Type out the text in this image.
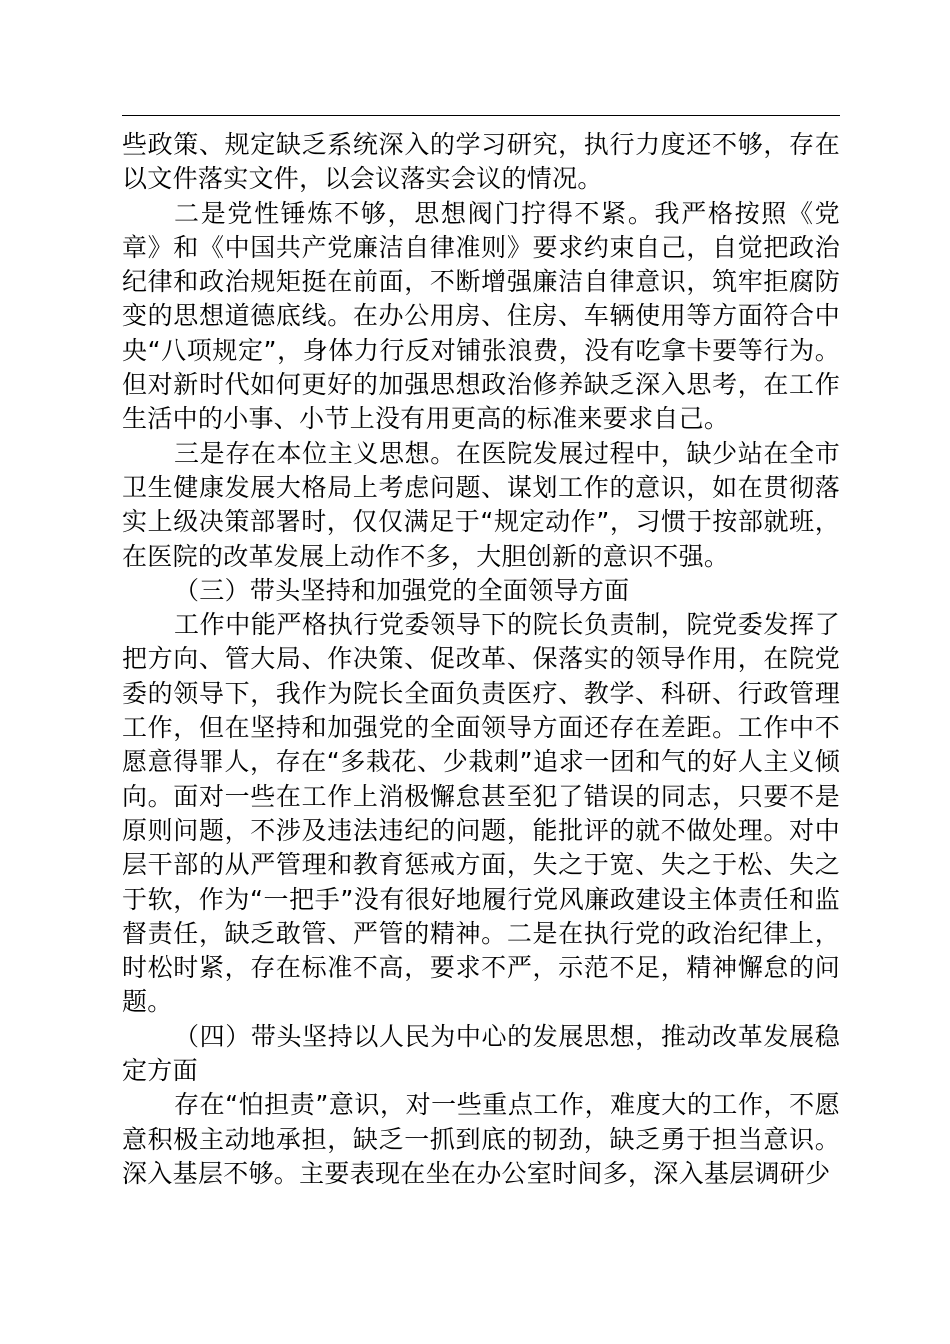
些政策、规定缺乏系统深入的学习研究，执行力度还不够，存在以文件落实文件，以会议落实会议的情况。

二是党性锤炼不够，思想阀门拧得不紧。我严格按照《党章》和《中国共产党廉洁自律准则》要求约束自己，自觉把政治纪律和政治规矩挺在前面，不断增强廉洁自律意识，筑牢拒腐防变的思想道德底线。在办公用房、住房、车辆使用等方面符合中央“八项规定”，身体力行反对铺张浪费，没有吃拿卡要等行为。但对新时代如何更好的加强思想政治修养缺乏深入思考，在工作生活中的小事、小节上没有用更高的标准来要求自己。

三是存在本位主义思想。在医院发展过程中，缺少站在全市卫生健康发展大格局上考虑问题、谋划工作的意识，如在贯彻落实上级决策部署时，仅仅满足于“规定动作”，习惯于按部就班，在医院的改革发展上动作不多，大胆创新的意识不强。

（三）带头坚持和加强党的全面领导方面

工作中能严格执行党委领导下的院长负责制，院党委发挥了把方向、管大局、作决策、促改革、保落实的领导作用，在院党委的领导下，我作为院长全面负责医疗、教学、科研、行政管理工作，但在坚持和加强党的全面领导方面还存在差距。工作中不愿意得罪人，存在“多栽花、少栽刺”追求一团和气的好人主义倾向。面对一些在工作上消极懈怠甚至犯了错误的同志，只要不是原则问题，不涉及违法违纪的问题，能批评的就不做处理。对中层干部的从严管理和教育惩戒方面，失之于宽、失之于松、失之于软，作为“一把手”没有很好地履行党风廉政建设主体责任和监督责任，缺乏敢管、严管的精神。二是在执行党的政治纪律上，时松时紧，存在标准不高，要求不严，示范不足，精神懈怠的问题。

（四）带头坚持以人民为中心的发展思想，推动改革发展稳定方面

存在“怕担责”意识，对一些重点工作，难度大的工作，不愿意积极主动地承担，缺乏一抓到底的韧劲，缺乏勇于担当意识。深入基层不够。主要表现在坐在办公室时间多，深入基层调研少
